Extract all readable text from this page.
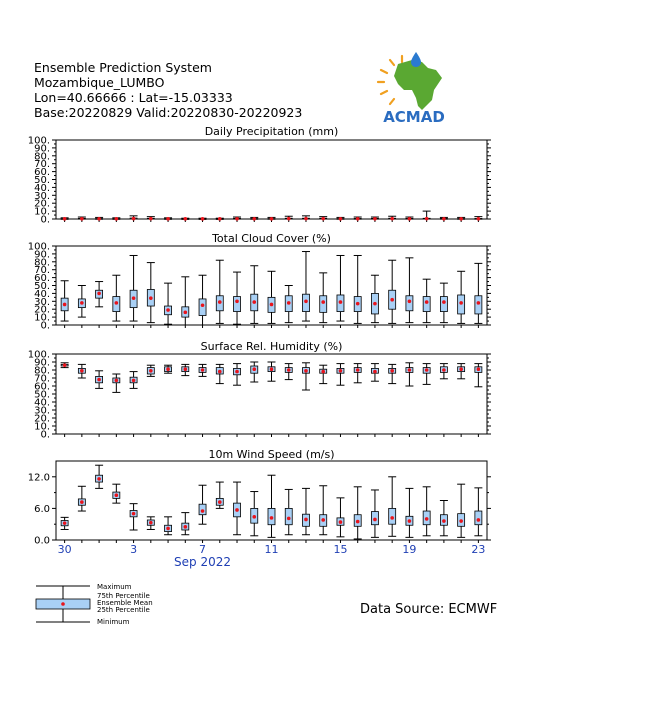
Ensemble Prediction System
Mozambique_LUMBO
Lon=40.66666 : Lat=-15.03333
Base:20220829 Valid:20220830-20220923	ACMAD
Daily Precipitation (mm)
0.
10.
20.
30.
40.
50.
60.
70.
80.
90.
100.
Total Cloud Cover (%)
0.
10.
20.
30.
40.
50.
60.
70.
80.
90.
100.
Surface Rel. Humidity (%)
0.
10.
20.
30.
40.
50.
60.
70.
80.
90.
100.
10m Wind Speed (m/s)
0.0
6.0
12.0
30	3	7	11	15	19	23
Sep 2022
Maximum
75th Percentile
Ensemble Mean
25th Percentile
Minimum
Data Source: ECMWF
